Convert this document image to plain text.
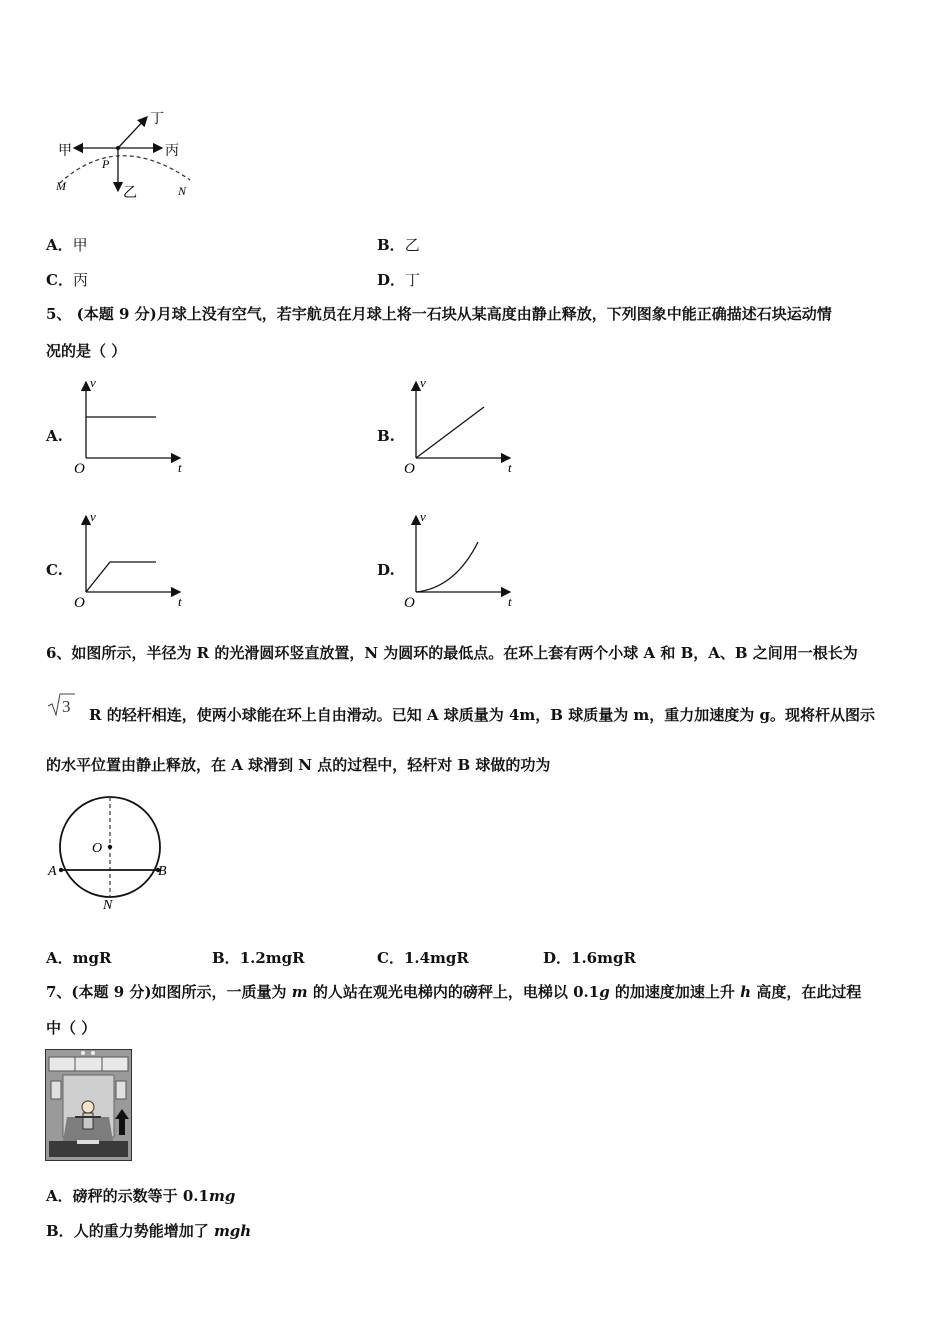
甲	丙
乙
丁
P
M	N
A．甲	B．乙
C．丙	D．丁
5、 (本题 9 分)月球上没有空气，若宇航员在月球上将一石块从某高度由静止释放，下列图象中能正确描述石块运动情
况的是（ ）
A.	B.
C.	D.
v
t
O
v
t
O
v
t
O
v
t
O
6、如图所示，半径为 R 的光滑圆环竖直放置，N 为圆环的最低点。在环上套有两个小球 A 和 B，A、B 之间用一根长为
3 R 的轻杆相连，使两小球能在环上自由滑动。已知 A 球质量为 4m，B 球质量为 m，重力加速度为 g。现将杆从图示
的水平位置由静止释放，在 A 球滑到 N 点的过程中，轻杆对 B 球做的功为
O
A	B
N
A．mgR	B．1.2mgR	C．1.4mgR	D．1.6mgR
7、(本题 9 分)如图所示，一质量为 m 的人站在观光电梯内的磅秤上，电梯以 0.1g 的加速度加速上升 h 高度，在此过程
中（ ）
A．磅秤的示数等于 0.1mg
B．人的重力势能增加了 mgh
